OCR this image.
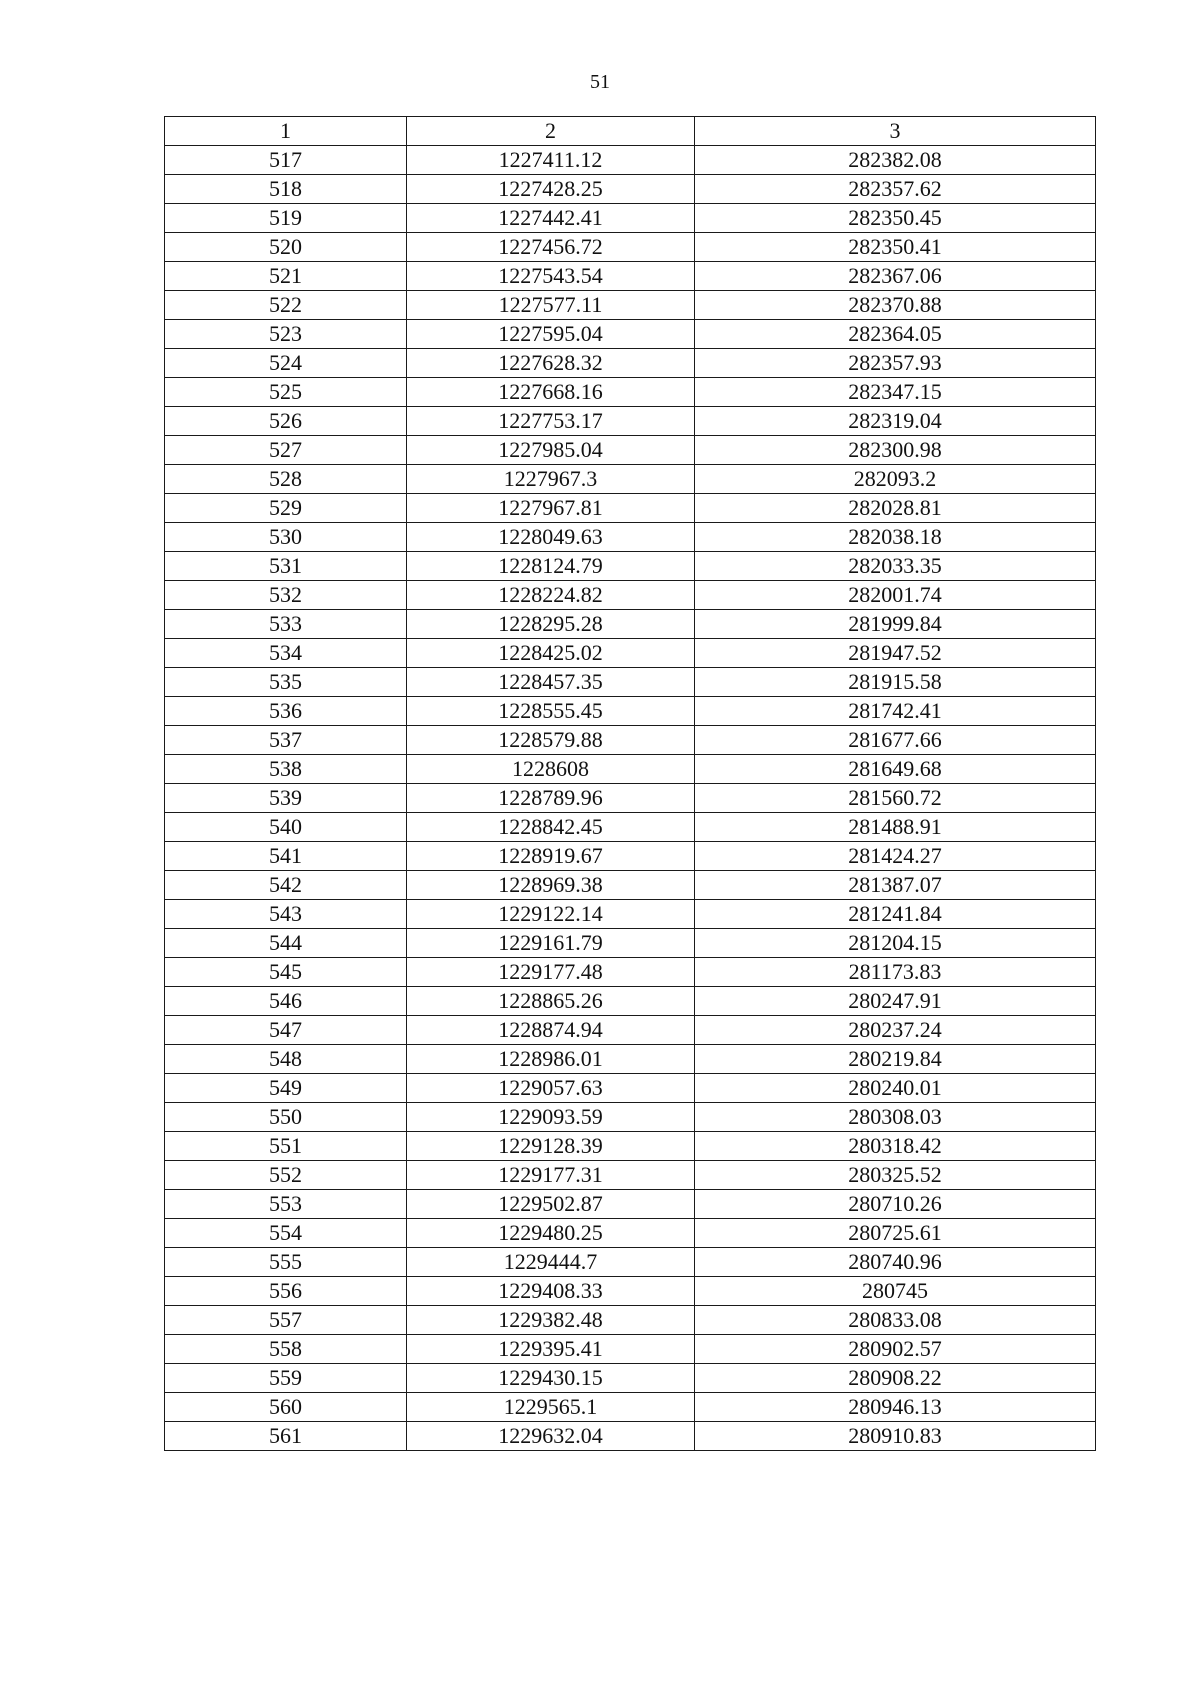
51
1	2	3
517	1227411.12	282382.08
518	1227428.25	282357.62
519	1227442.41	282350.45
520	1227456.72	282350.41
521	1227543.54	282367.06
522	1227577.11	282370.88
523	1227595.04	282364.05
524	1227628.32	282357.93
525	1227668.16	282347.15
526	1227753.17	282319.04
527	1227985.04	282300.98
528	1227967.3	282093.2
529	1227967.81	282028.81
530	1228049.63	282038.18
531	1228124.79	282033.35
532	1228224.82	282001.74
533	1228295.28	281999.84
534	1228425.02	281947.52
535	1228457.35	281915.58
536	1228555.45	281742.41
537	1228579.88	281677.66
538	1228608	281649.68
539	1228789.96	281560.72
540	1228842.45	281488.91
541	1228919.67	281424.27
542	1228969.38	281387.07
543	1229122.14	281241.84
544	1229161.79	281204.15
545	1229177.48	281173.83
546	1228865.26	280247.91
547	1228874.94	280237.24
548	1228986.01	280219.84
549	1229057.63	280240.01
550	1229093.59	280308.03
551	1229128.39	280318.42
552	1229177.31	280325.52
553	1229502.87	280710.26
554	1229480.25	280725.61
555	1229444.7	280740.96
556	1229408.33	280745
557	1229382.48	280833.08
558	1229395.41	280902.57
559	1229430.15	280908.22
560	1229565.1	280946.13
561	1229632.04	280910.83
